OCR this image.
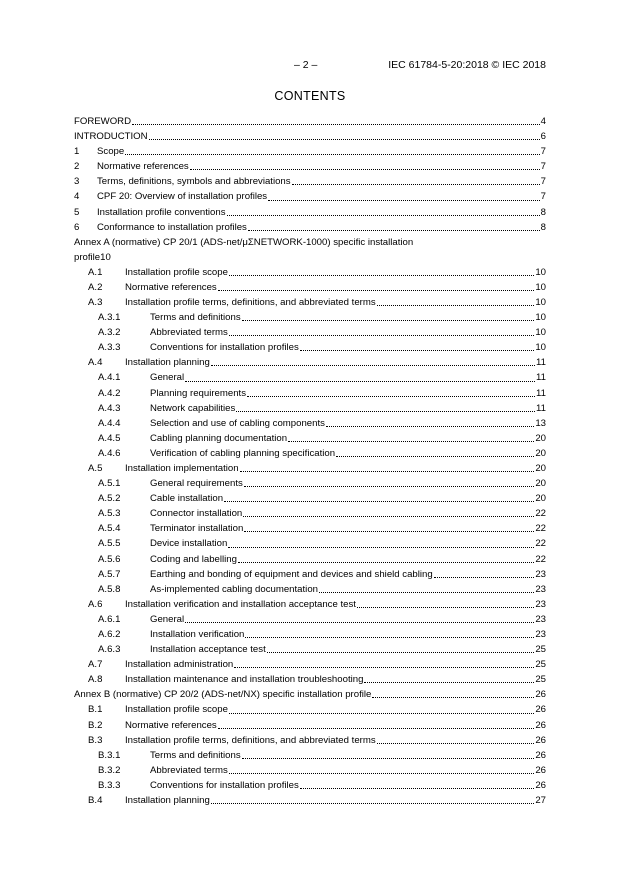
– 2 –	IEC 61784-5-20:2018 © IEC 2018
CONTENTS
FOREWORD	4
INTRODUCTION	6
1	Scope	7
2	Normative references	7
3	Terms, definitions, symbols and abbreviations	7
4	CPF 20: Overview of installation profiles	7
5	Installation profile conventions	8
6	Conformance to installation profiles	8
Annex A (normative) CP 20/1 (ADS-net/μΣNETWORK-1000) specific installation
profile 10
A.1	Installation profile scope	10
A.2	Normative references	10
A.3	Installation profile terms, definitions, and abbreviated terms	10
A.3.1	Terms and definitions	10
A.3.2	Abbreviated terms	10
A.3.3	Conventions for installation profiles	10
A.4	Installation planning	11
A.4.1	General	11
A.4.2	Planning requirements	11
A.4.3	Network capabilities	11
A.4.4	Selection and use of cabling components	13
A.4.5	Cabling planning documentation	20
A.4.6	Verification of cabling planning specification	20
A.5	Installation implementation	20
A.5.1	General requirements	20
A.5.2	Cable installation	20
A.5.3	Connector installation	22
A.5.4	Terminator installation	22
A.5.5	Device installation	22
A.5.6	Coding and labelling	22
A.5.7	Earthing and bonding of equipment and devices and shield cabling	23
A.5.8	As-implemented cabling documentation	23
A.6	Installation verification and installation acceptance test	23
A.6.1	General	23
A.6.2	Installation verification	23
A.6.3	Installation acceptance test	25
A.7	Installation administration	25
A.8	Installation maintenance and installation troubleshooting	25
Annex B (normative) CP 20/2 (ADS-net/NX) specific installation profile	26
B.1	Installation profile scope	26
B.2	Normative references	26
B.3	Installation profile terms, definitions, and abbreviated terms	26
B.3.1	Terms and definitions	26
B.3.2	Abbreviated terms	26
B.3.3	Conventions for installation profiles	26
B.4	Installation planning	27
